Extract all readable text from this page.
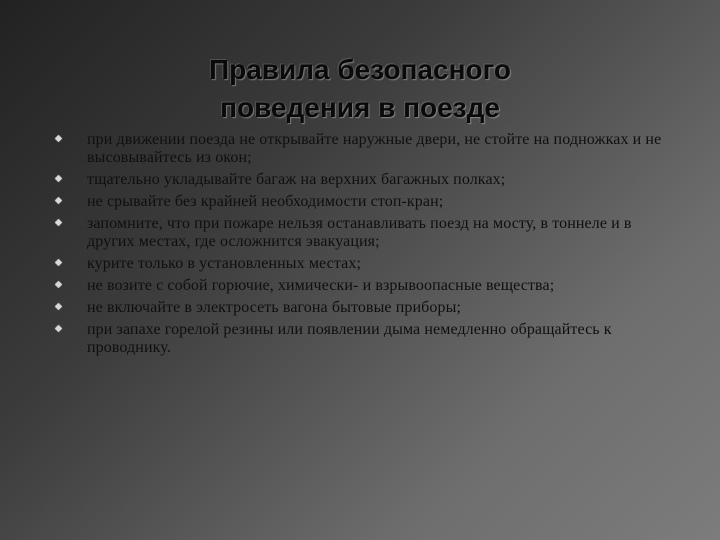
Правила безопасного
поведения в поезде
при движении поезда не открывайте наружные двери, не стойте на подножках и не высовывайтесь из окон;
тщательно укладывайте багаж на верхних багажных полках;
не срывайте без крайней необходимости стоп-кран;
запомните, что при пожаре нельзя останавливать поезд на мосту, в тоннеле и в других местах, где осложнится эвакуация;
курите только в установленных местах;
не возите с собой горючие, химически- и взрывоопасные вещества;
не включайте в электросеть вагона бытовые приборы;
при запахе горелой резины или появлении дыма немедленно обращайтесь к проводнику.
